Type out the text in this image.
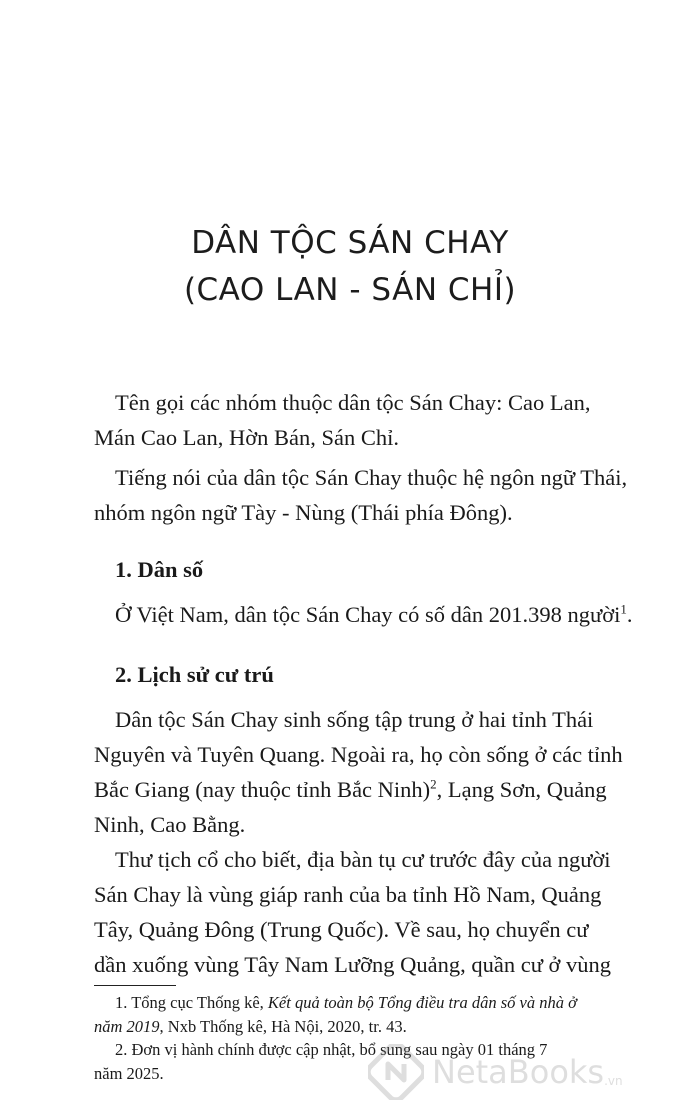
DÂN TỘC SÁN CHAY
(CAO LAN - SÁN CHỈ)
Tên gọi các nhóm thuộc dân tộc Sán Chay: Cao Lan,
Mán Cao Lan, Hờn Bán, Sán Chỉ.
Tiếng nói của dân tộc Sán Chay thuộc hệ ngôn ngữ Thái,
nhóm ngôn ngữ Tày - Nùng (Thái phía Đông).
1. Dân số
Ở Việt Nam, dân tộc Sán Chay có số dân 201.398 người$^1$.
2. Lịch sử cư trú
Dân tộc Sán Chay sinh sống tập trung ở hai tỉnh Thái
Nguyên và Tuyên Quang. Ngoài ra, họ còn sống ở các tỉnh
Bắc Giang (nay thuộc tỉnh Bắc Ninh)$^2$, Lạng Sơn, Quảng
Ninh, Cao Bằng.
Thư tịch cổ cho biết, địa bàn tụ cư trước đây của người
Sán Chay là vùng giáp ranh của ba tỉnh Hồ Nam, Quảng
Tây, Quảng Đông (Trung Quốc). Về sau, họ chuyển cư
dần xuống vùng Tây Nam Lưỡng Quảng, quần cư ở vùng
1. Tổng cục Thống kê, Kết quả toàn bộ Tổng điều tra dân số và nhà ở
năm 2019, Nxb Thống kê, Hà Nội, 2020, tr. 43.
2. Đơn vị hành chính được cập nhật, bổ sung sau ngày 01 tháng 7
năm 2025.	NetaBooks .vn
